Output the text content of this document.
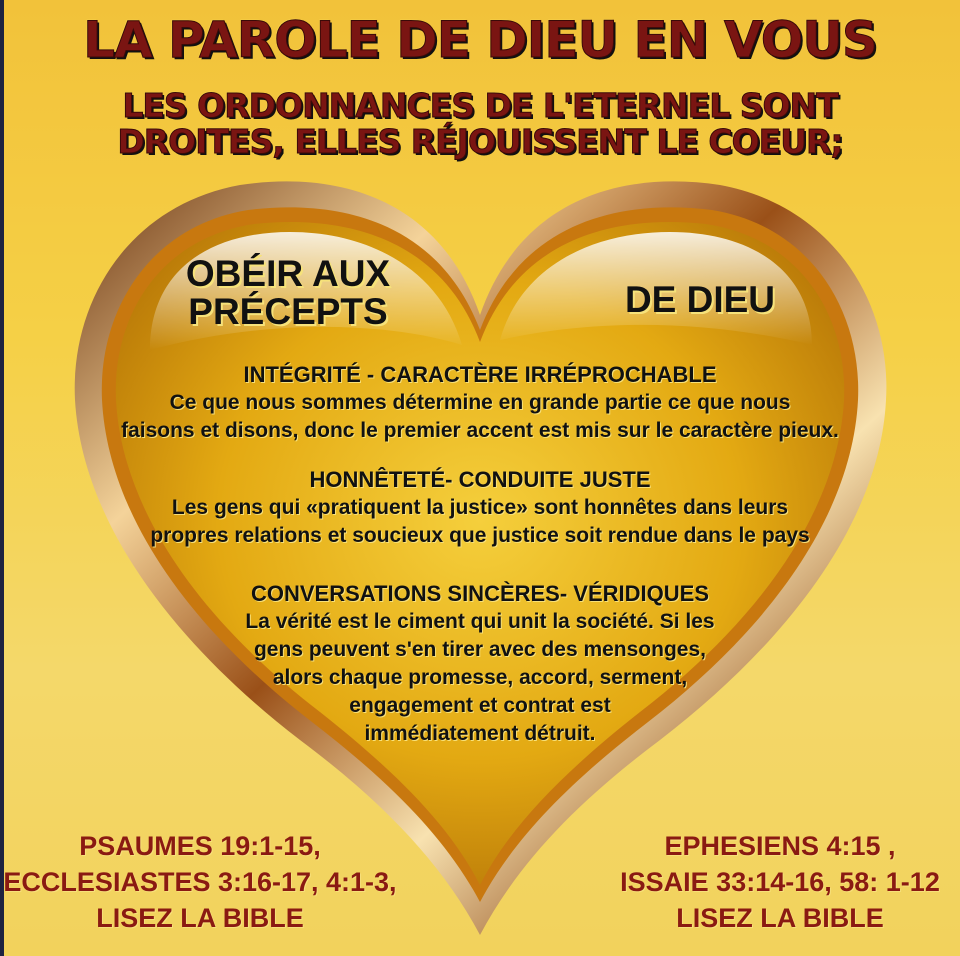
LA PAROLE DE DIEU EN VOUS
LES ORDONNANCES DE L'ETERNEL SONT
DROITES, ELLES RÉJOUISSENT LE COEUR;
OBÉIR AUX
PRÉCEPTS	DE DIEU
INTÉGRITÉ - CARACTÈRE IRRÉPROCHABLE
Ce que nous sommes détermine en grande partie ce que nous
faisons et disons, donc le premier accent est mis sur le caractère pieux.
HONNÊTETÉ- CONDUITE JUSTE
Les gens qui «pratiquent la justice» sont honnêtes dans leurs
propres relations et soucieux que justice soit rendue dans le pays
CONVERSATIONS SINCÈRES- VÉRIDIQUES
La vérité est le ciment qui unit la société. Si les
gens peuvent s'en tirer avec des mensonges,
alors chaque promesse, accord, serment,
engagement et contrat est
immédiatement détruit.
PSAUMES 19:1-15,
ECCLESIASTES 3:16-17, 4:1-3,
LISEZ LA BIBLE
EPHESIENS 4:15 ,
ISSAIE 33:14-16, 58: 1-12
LISEZ LA BIBLE
